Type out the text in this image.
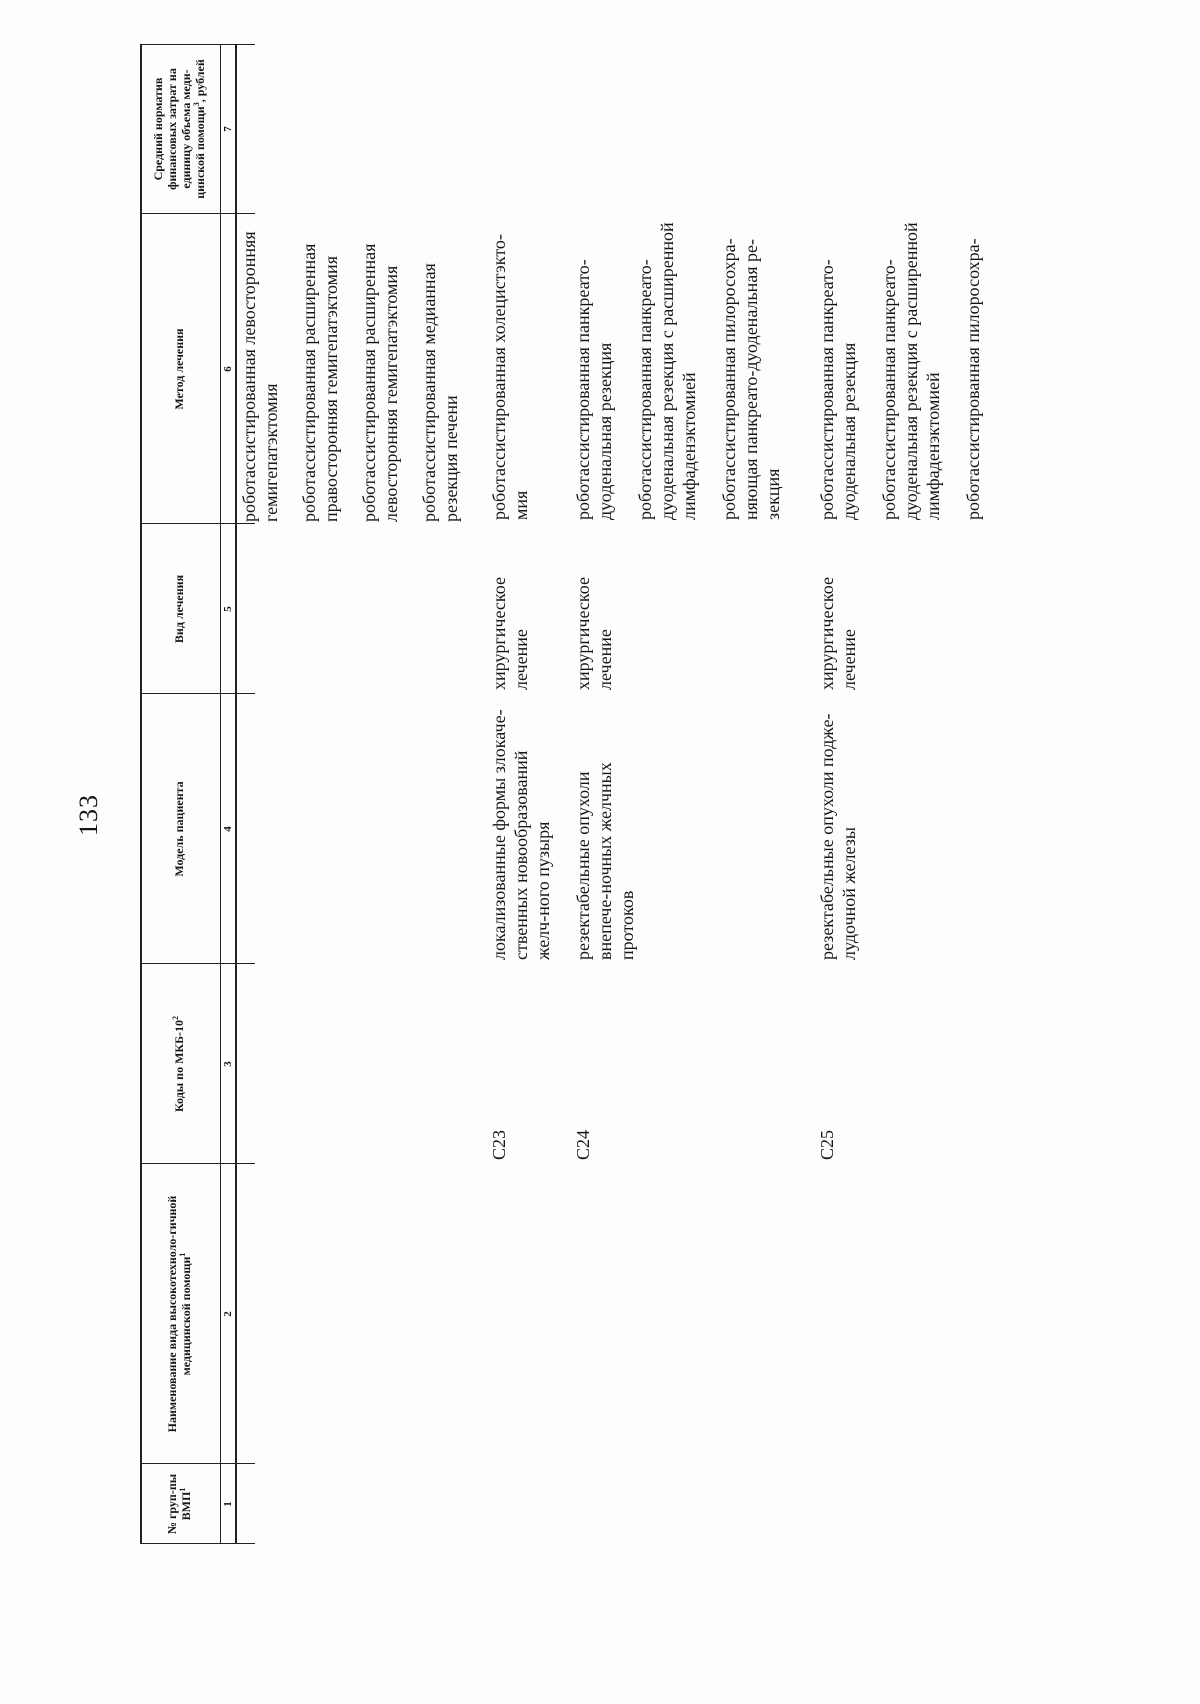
133
№ груп-пы ВМП$^1$
Наименование вида высокотехноло-гичной медицинской помощи$^1$
Коды по МКБ-$10^2$
Модель пациента
Вид лечения
Метод лечения
Средний норматив финансовых затрат на единицу объема меди-цинской помощи$^3$, рублей
1
2
3
4
5
6
7
роботассистированная левосторонняя гемигепатэктомия роботассистированная расширенная правосторонняя гемигепатэктомия роботассистированная расширенная левосторонняя гемигепатэктомия роботассистированная медианная резекция печени
C23
локализованные формы злокаче-ственных новообразований желч-ного пузыря
хирургическое лечение
роботассистированная холецистэкто-мия
C24
резектабельные опухоли внепече-ночных желчных протоков
хирургическое лечение
роботассистированная панкреато-дуоденальная резекция роботассистированная панкреато-дуоденальная резекция с расширенной лимфаденэктомией роботассистированная пилоросохра-няющая панкреато-дуоденальная ре-зекция
C25
резектабельные опухоли подже-лудочной железы
хирургическое лечение
роботассистированная панкреато-дуоденальная резекция роботассистированная панкреато-дуоденальная резекция с расширенной лимфаденэктомией роботассистированная пилоросохра-
